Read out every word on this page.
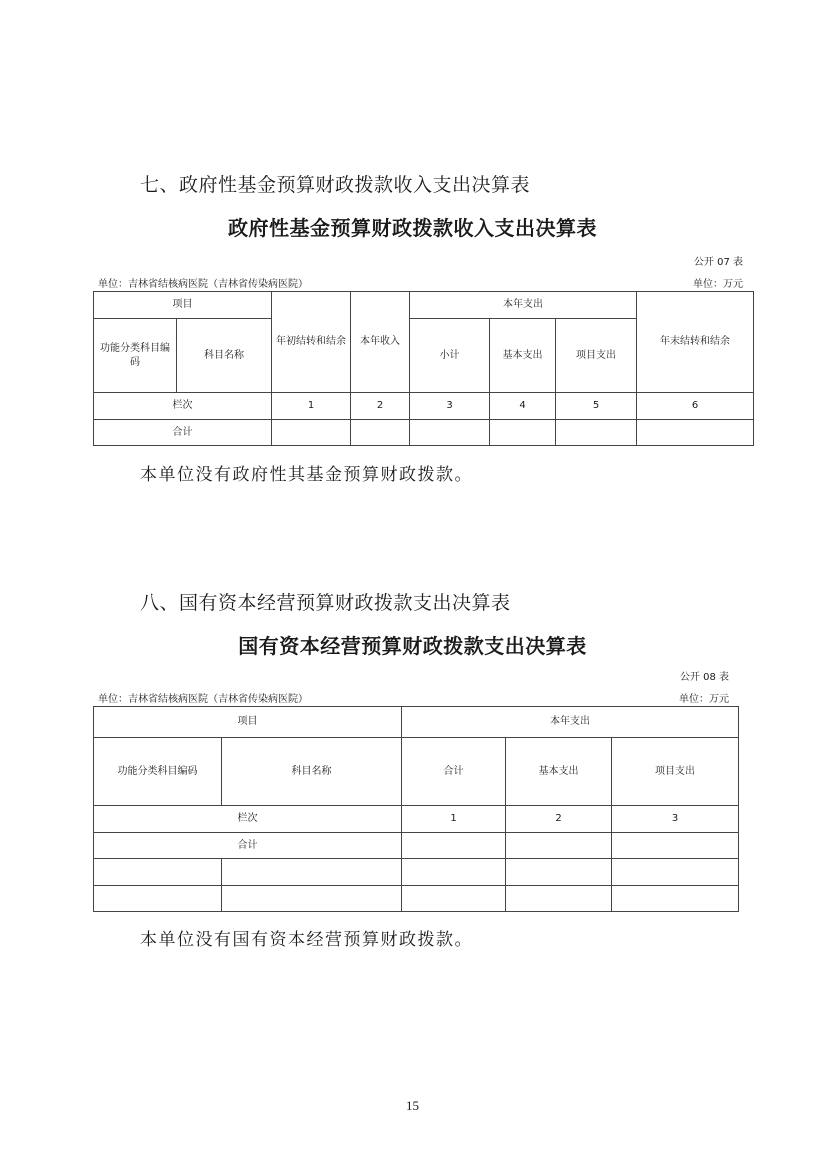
七、政府性基金预算财政拨款收入支出决算表
政府性基金预算财政拨款收入支出决算表
公开 07 表
单位：吉林省结核病医院（吉林省传染病医院）	单位：万元
项目		年初结转和结余	本年收入	本年支出			年末结转和结余
功能分类科目编码	科目名称			小计	基本支出	项目支出	
栏次		1	2	3	4	5	6
合计							
本单位没有政府性其基金预算财政拨款。
八、国有资本经营预算财政拨款支出决算表
国有资本经营预算财政拨款支出决算表
公开 08 表
单位：吉林省结核病医院（吉林省传染病医院）	单位：万元
项目		本年支出		
功能分类科目编码	科目名称	合计	基本支出	项目支出
栏次		1	2	3
合计				

本单位没有国有资本经营预算财政拨款。
15
